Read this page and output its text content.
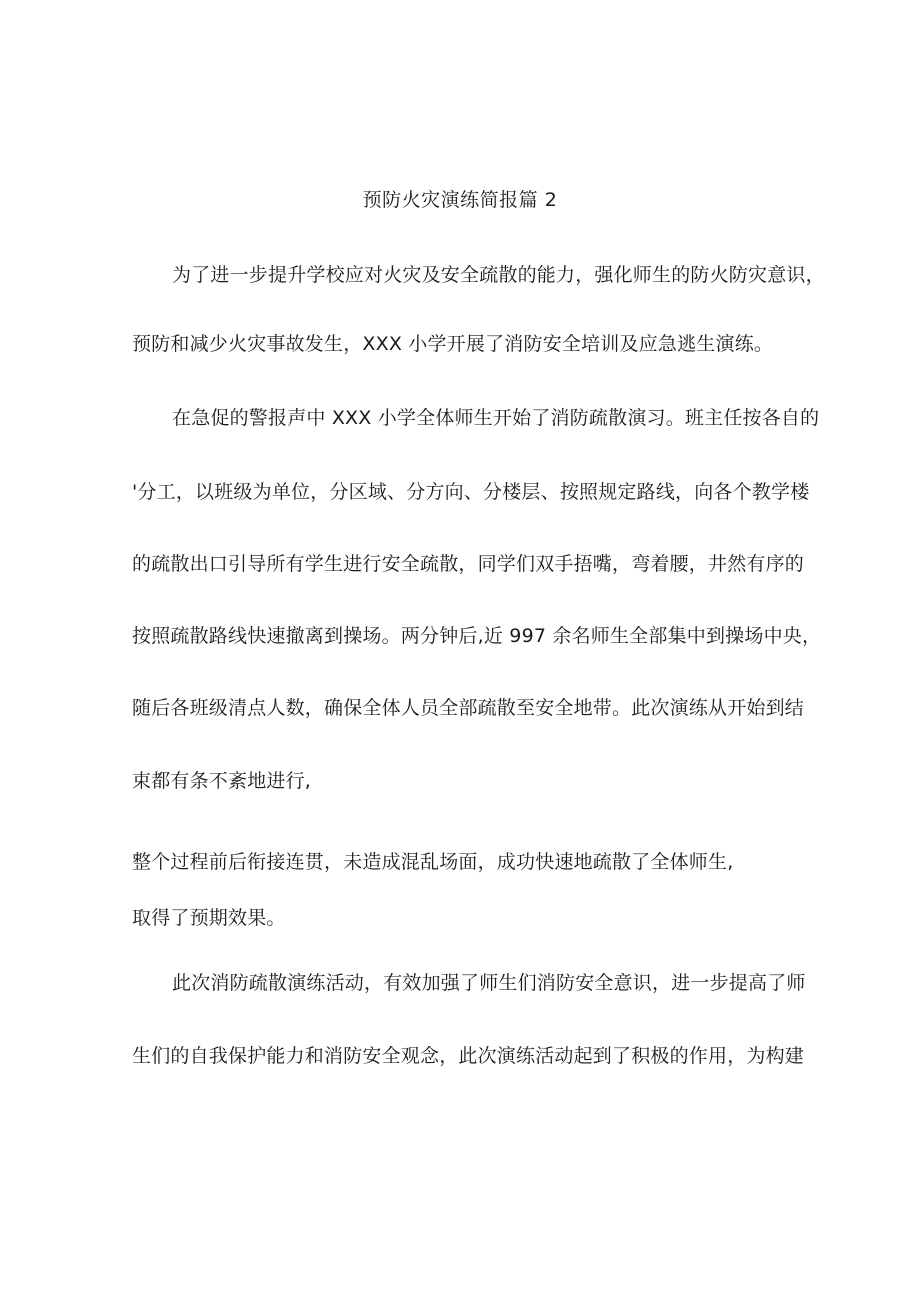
预防火灾演练简报篇 2
为了进一步提升学校应对火灾及安全疏散的能力，强化师生的防火防灾意识，
预防和减少火灾事故发生，XXX 小学开展了消防安全培训及应急逃生演练。
在急促的警报声中 XXX 小学全体师生开始了消防疏散演习。班主任按各自的
'分工，以班级为单位，分区域、分方向、分楼层、按照规定路线，向各个教学楼
的疏散出口引导所有学生进行安全疏散，同学们双手捂嘴，弯着腰，井然有序的
按照疏散路线快速撤离到操场。两分钟后,近 997 余名师生全部集中到操场中央，
随后各班级清点人数，确保全体人员全部疏散至安全地带。此次演练从开始到结
束都有条不紊地进行,
整个过程前后衔接连贯，未造成混乱场面，成功快速地疏散了全体师生,
取得了预期效果。
此次消防疏散演练活动，有效加强了师生们消防安全意识，进一步提高了师
生们的自我保护能力和消防安全观念，此次演练活动起到了积极的作用，为构建
